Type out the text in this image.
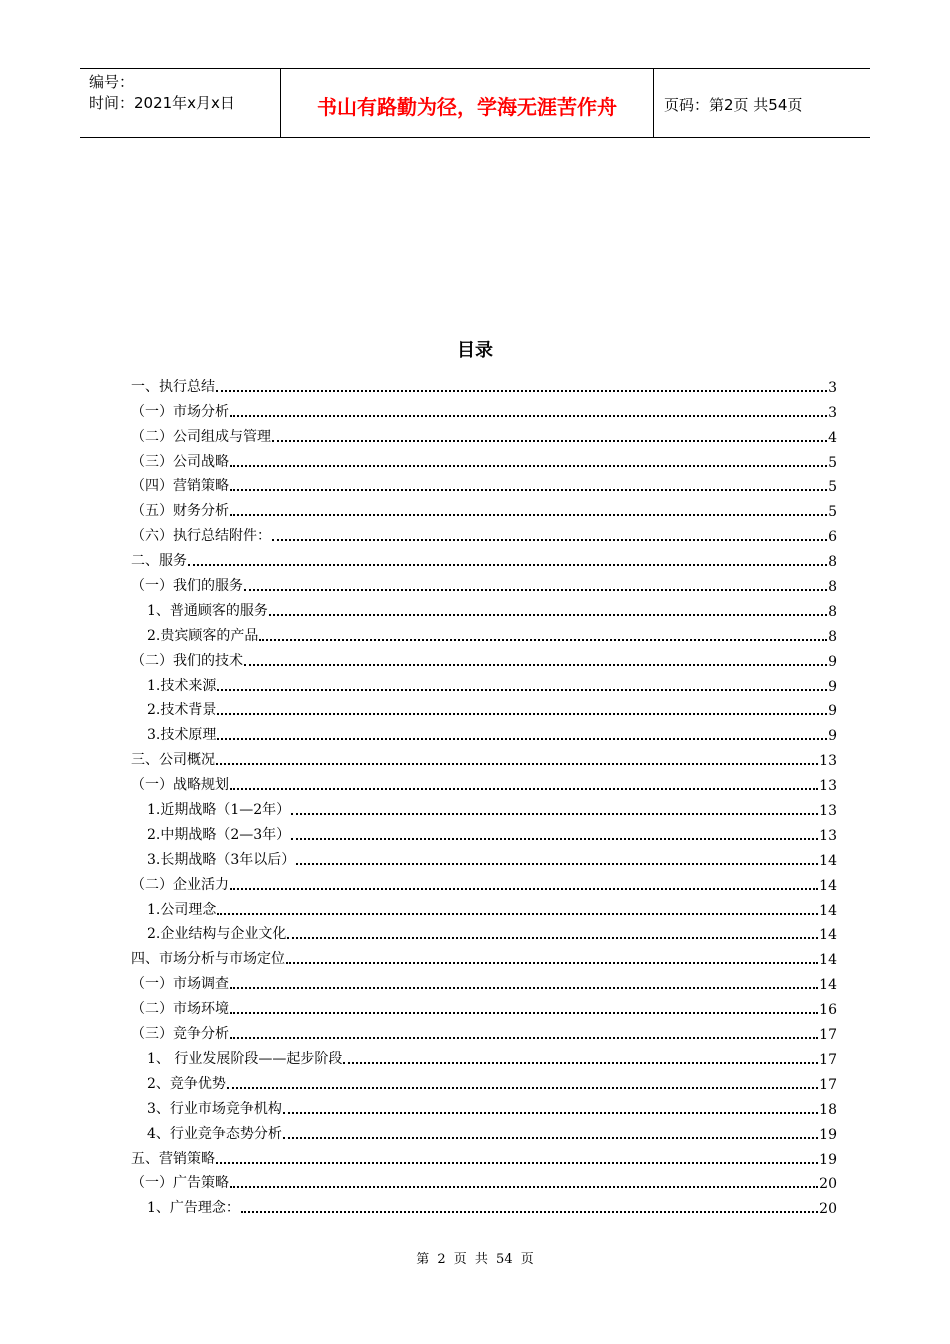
编号：
时间：2021年x月x日	书山有路勤为径，学海无涯苦作舟	页码：第2页 共54页
目录
一、执行总结	3
（一）市场分析	3
（二）公司组成与管理	4
（三）公司战略	5
（四）营销策略	5
（五）财务分析	5
（六）执行总结附件：	6
二、服务	8
（一）我们的服务	8
1、普通顾客的服务	8
2.贵宾顾客的产品	8
（二）我们的技术	9
1.技术来源	9
2.技术背景	9
3.技术原理	9
三、公司概况	13
（一）战略规划	13
1.近期战略（1—2年）	13
2.中期战略（2—3年）	13
3.长期战略（3年以后）	14
（二）企业活力	14
1.公司理念	14
2.企业结构与企业文化	14
四、市场分析与市场定位	14
（一）市场调查	14
（二）市场环境	16
（三）竞争分析	17
1、 行业发展阶段——起步阶段	17
2、竞争优势	17
3、行业市场竞争机构	18
4、行业竞争态势分析	19
五、营销策略	19
（一）广告策略	20
1、广告理念：	20
第 2 页 共 54 页
